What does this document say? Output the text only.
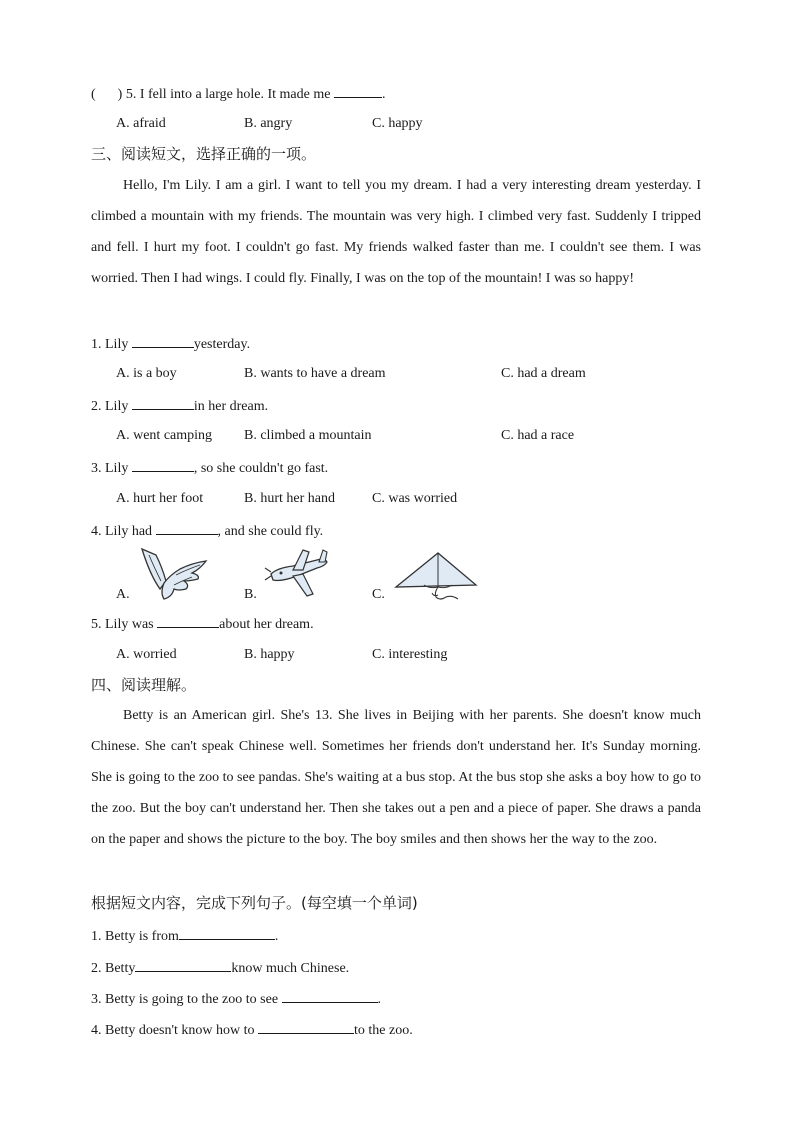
( ) 5. I fell into a large hole. It made me	.
A. afraid	B. angry	C. happy
三、阅读短文，选择正确的一项。

Hello, I'm Lily. I am a girl. I want to tell you my dream. I had a very interesting dream yesterday. I climbed a mountain with my friends. The mountain was very high. I climbed very fast. Suddenly I tripped and fell. I hurt my foot. I couldn't go fast. My friends walked faster than me. I couldn't see them. I was worried. Then I had wings. I could fly. Finally, I was on the top of the mountain! I was so happy!

1. Lily	yesterday.
A. is a boy	B. wants to have a dream	C. had a dream
2. Lily	in her dream.
A. went camping B. climbed a mountain	C. had a race
3. Lily	, so she couldn't go fast.
A. hurt her foot	B. hurt her hand	C. was worried
4. Lily had	, and she could fly.
A.	B.	C.
5. Lily was	about her dream.
A. worried	B. happy	C. interesting
四、阅读理解。

Betty is an American girl. She's 13. She lives in Beijing with her parents. She doesn't know much Chinese. She can't speak Chinese well. Sometimes her friends don't understand her. It's Sunday morning. She is going to the zoo to see pandas. She's waiting at a bus stop. At the bus stop she asks a boy how to go to the zoo. But the boy can't understand her. Then she takes out a pen and a piece of paper. She draws a panda on the paper and shows the picture to the boy. The boy smiles and then shows her the way to the zoo.

根据短文内容，完成下列句子。(每空填一个单词)
1. Betty is from	.
2. Betty	know much Chinese.
3. Betty is going to the zoo to see	.
4. Betty doesn't know how to	to the zoo.
